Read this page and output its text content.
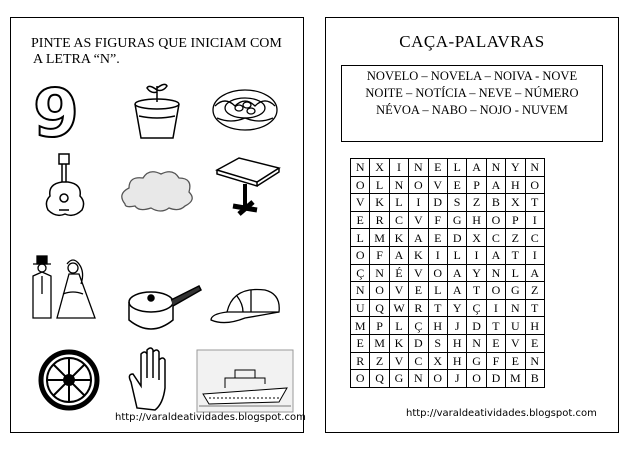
PINTE AS FIGURAS QUE INICIAM COM
A LETRA “N”.
9
http://varaldeatividades.blogspot.com
CAÇA-PALAVRAS
NOVELO – NOVELA – NOIVA - NOVE
NOITE – NOTÍCIA – NEVE – NÚMERO
NÉVOA – NABO – NOJO - NUVEM
N	X	I	N	E	L	A	N	Y	N
O	L	N	O	V	E	P	A	H	O
V	K	L	I	D	S	Z	B	X	T
E	R	C	V	F	G	H	O	P	I
L	M	K	A	E	D	X	C	Z	C
O	F	A	K	I	L	I	A	T	I
Ç	N	É	V	O	A	Y	N	L	A
N	O	V	E	L	A	T	O	G	Z
U	Q	W	R	T	Y	Ç	I	N	T
M	P	L	Ç	H	J	D	T	U	H
E	M	K	D	S	H	N	E	V	E
R	Z	V	C	X	H	G	F	E	N
O	Q	G	N	O	J	O	D	M	B
http://varaldeatividades.blogspot.com
